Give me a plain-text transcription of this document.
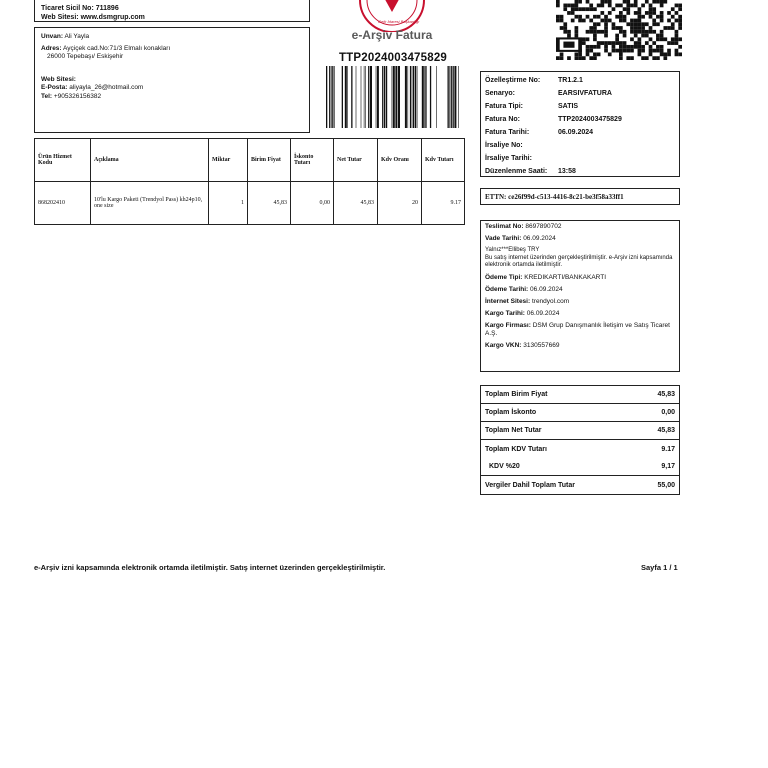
Ticaret Sicil No: 711896
Web Sitesi: www.dsmgrup.com
Unvan: Ali Yayla
Adres: Ayçiçek cad.No:71/3 Elmalı konakları
26000 Tepebaşı/ Eskişehir
Web Sitesi:
E-Posta: aliyayla_26@hotmail.com
Tel: +905326156382
Gelir İdaresi Başkanlığı
e-Arşiv Fatura
TTP2024003475829
Özelleştirme No:	TR1.2.1
Senaryo:	EARSIVFATURA
Fatura Tipi:	SATIS
Fatura No:	TTP2024003475829
Fatura Tarihi:	06.09.2024
İrsaliye No:
İrsaliye Tarihi:
Düzenlenme Saati:	13:58
ETTN: ce26f99d-c513-4416-8c21-be3f58a33ff1
Ürün Hizmet Kodu	Açıklama	Miktar	Birim Fiyat	İskonto Tutarı	Net Tutar	Kdv Oranı	Kdv Tutarı
868202410	10'lu Kargo Paketi (Trendyol Pass) kh24p10, one size	1	45,83	0,00	45,83	20	9.17
Teslimat No: 8697890702
Vade Tarihi: 06.09.2024
Yalnız***Ellibeş TRY
Bu satış internet üzerinden gerçekleştirilmiştir. e-Arşiv izni kapsamında elektronik ortamda iletilmiştir.
Ödeme Tipi: KREDIKARTI/BANKAKARTI
Ödeme Tarihi: 06.09.2024
İnternet Sitesi: trendyol.com
Kargo Tarihi: 06.09.2024
Kargo Firması: DSM Grup Danışmanlık İletişim ve Satış Ticaret A.Ş.
Kargo VKN: 3130557669
Toplam Birim Fiyat	45,83
Toplam İskonto	0,00
Toplam Net Tutar	45,83
Toplam KDV Tutarı	9.17
KDV %20	9,17
Vergiler Dahil Toplam Tutar	55,00
e-Arşiv izni kapsamında elektronik ortamda iletilmiştir. Satış internet üzerinden gerçekleştirilmiştir.	Sayfa 1 / 1
